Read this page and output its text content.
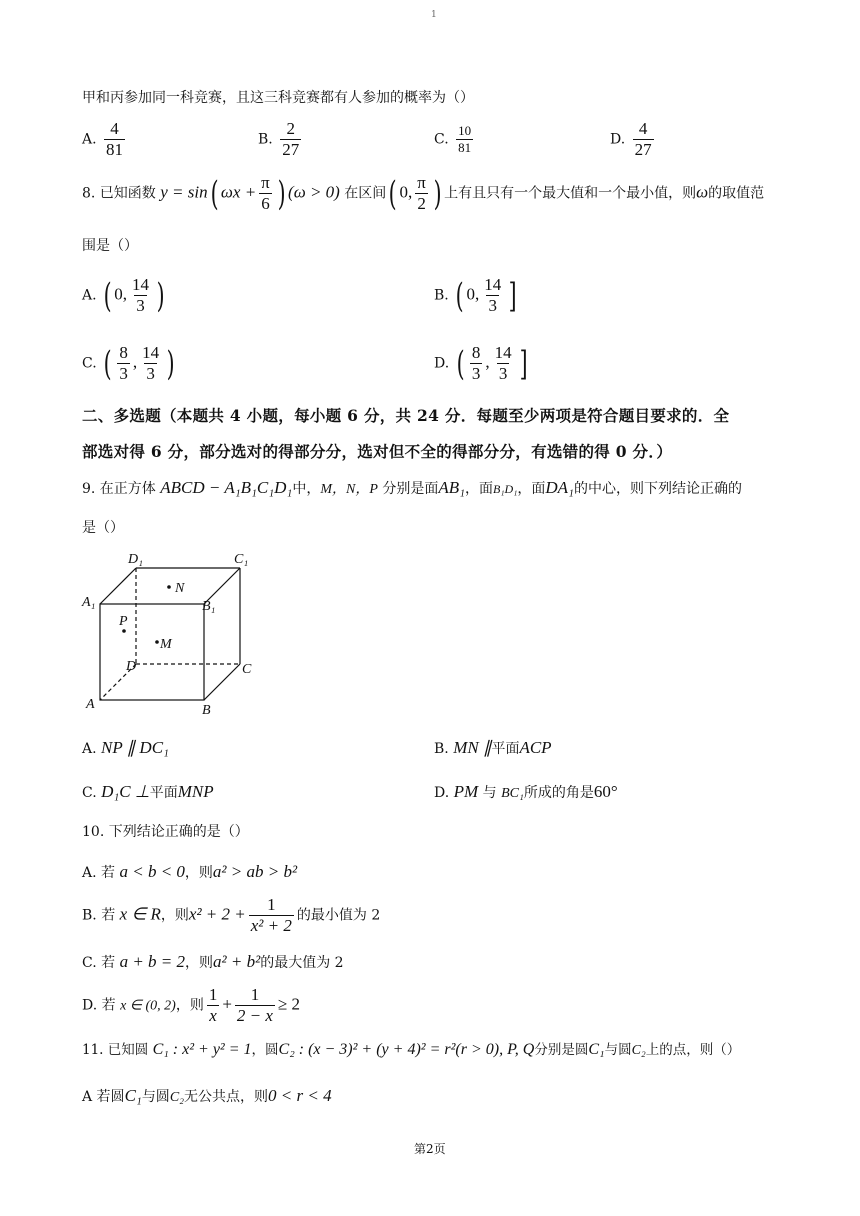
1
甲和丙参加同一科竞赛，且这三科竞赛都有人参加的概率为（）
A. $\frac{4}{81}$	B. $\frac{2}{27}$	C. $\frac{10}{81}$	D. $\frac{4}{27}$
8. 已知函数 y = sin( $\omega x + \frac{\pi}{6}$ ) (ω > 0) 在区间( 0, $\frac{\pi}{2}$ ) 上有且只有一个最大值和一个最小值，则ω的取值范
围是（）
A. ( 0, $\frac{14}{3}$ )	B. ( 0, $\frac{14}{3}$ ]
C. ( $\frac{8}{3}$ , $\frac{14}{3}$ )	D. ( $\frac{8}{3}$ , $\frac{14}{3}$ ]
二、多选题（本题共 4 小题，每小题 6 分，共 24 分．每题至少两项是符合题目要求的．全
部选对得 6 分，部分选对的得部分分，选对但不全的得部分分，有选错的得 0 分．）
9. 在正方体 ABCD − A₁B₁C₁D₁中，M，N，P 分别是面AB₁，面B₁D₁，面DA₁的中心，则下列结论正确的
是（）
D₁	C₁
A₁	B₁
N
P
M
D	C
A	B
A. NP ∥ DC₁	B. MN ∥平面ACP
C. D₁C ⊥平面MNP	D. PM 与 BC₁所成的角是60°
10. 下列结论正确的是（）
A. 若 a < b < 0，则a² > ab > b²
B. 若 x ∈ R，则$x^2 + 2 + \frac{1}{\text{x² + 2}}$ 的最小值为 2
C. 若 a + b = 2，则a² + b²的最大值为 2
D. 若 x ∈ (0, 2)，则 $\frac{1}{x} + \frac{1}{2 - x} \ge 2$
11. 已知圆 C₁ : x² + y² = 1，圆C₂ : (x − 3)² + (y + 4)² = r²(r > 0), P, Q分别是圆C₁与圆C₂上的点，则（）
A 若圆C₁与圆C₂无公共点，则0 < r < 4
第2页
